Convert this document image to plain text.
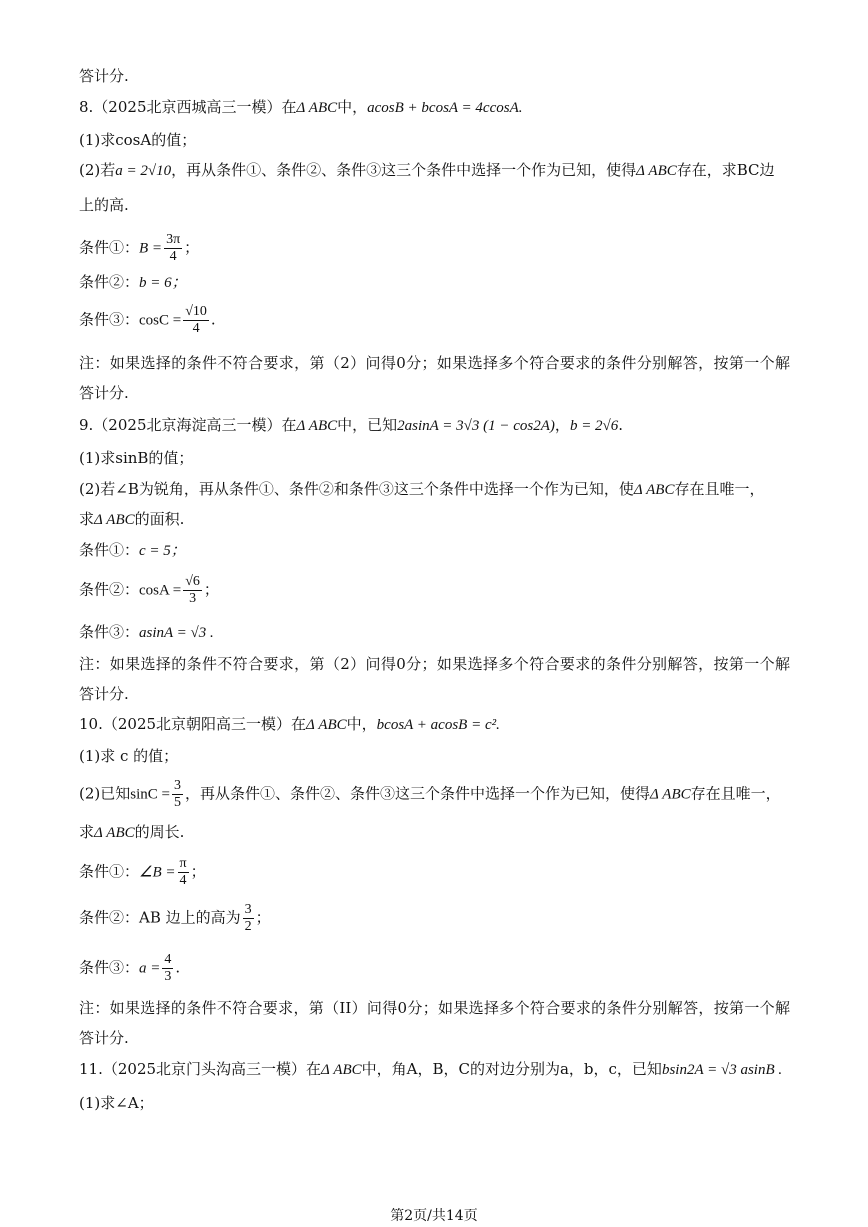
答计分.
8.（2025北京西城高三一模）在Δ ABC中，acosB + bcosA = 4ccosA.
(1)求cosA的值；
(2)若a = 2√10，再从条件①、条件②、条件③这三个条件中选择一个作为已知，使得Δ ABC存在，求BC边
上的高.
条件①：$B = \frac{3\pi}{4}$ ；
条件②：b = 6；
条件③：$\cos C = \frac{√10}{4}$ .
注：如果选择的条件不符合要求，第（2）问得0分；如果选择多个符合要求的条件分别解答，按第一个解
答计分.
9.（2025北京海淀高三一模）在Δ ABC中，已知2asinA = 3√3 (1 − cos2A)，b = 2√6.
(1)求sinB的值；
(2)若∠B为锐角，再从条件①、条件②和条件③这三个条件中选择一个作为已知，使Δ ABC存在且唯一，
求Δ ABC的面积.
条件①：c = 5；
条件②：$\cos A = \frac{√6}{3}$ ；
条件③：asinA = √3 .
注：如果选择的条件不符合要求，第（2）问得0分；如果选择多个符合要求的条件分别解答，按第一个解
答计分.
10.（2025北京朝阳高三一模）在Δ ABC中，bcosA + acosB = c².
(1)求 c 的值；
(2)已知$\sin C = \frac{3}{5}$ ，再从条件①、条件②、条件③这三个条件中选择一个作为已知，使得Δ ABC存在且唯一，
求Δ ABC的周长.
条件①：∠B = $\frac{\pi}{4}$ ；
条件②：AB 边上的高为 $\frac{3}{2}$ ；
条件③：$a = \frac{4}{3}$ .
注：如果选择的条件不符合要求，第（II）问得0分；如果选择多个符合要求的条件分别解答，按第一个解
答计分.
11.（2025北京门头沟高三一模）在Δ ABC中，角A，B，C的对边分别为a，b，c，已知bsin2A = √3 asinB .
(1)求∠A；
第2页/共14页
